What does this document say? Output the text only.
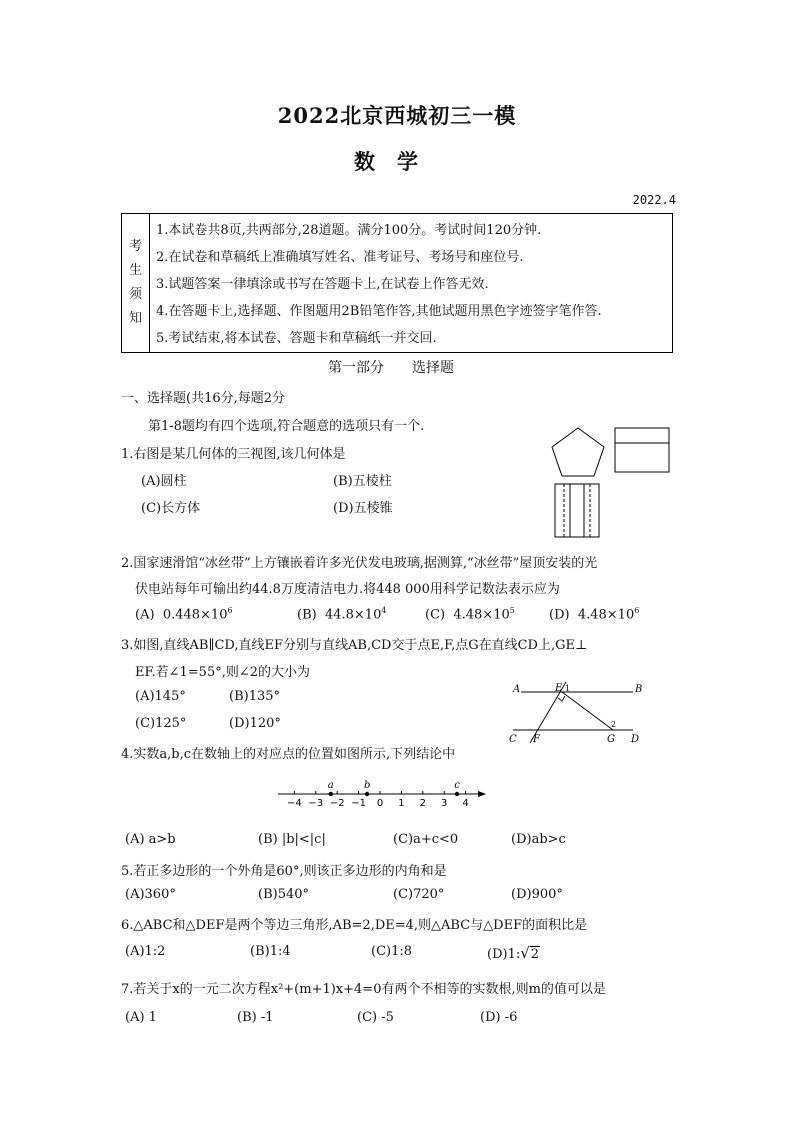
2022北京西城初三一模
数学
2022.4
考
生
须
知
1.本试卷共8页,共两部分,28道题。满分100分。考试时间120分钟.
2.在试卷和草稿纸上准确填写姓名、准考证号、考场号和座位号.
3.试题答案一律填涂或书写在答题卡上,在试卷上作答无效.
4.在答题卡上,选择题、作图题用2B铅笔作答,其他试题用黑色字迹签字笔作答.
5.考试结束,将本试卷、答题卡和草稿纸一并交回.
第一部分　　选择题
一、选择题(共16分,每题2分
第1-8题均有四个选项,符合题意的选项只有一个.
1.右图是某几何体的三视图,该几何体是
(A)圆柱	(B)五棱柱
(C)长方体	(D)五棱锥
2.国家速滑馆“冰丝带”上方镶嵌着许多光伏发电玻璃,据测算,“冰丝带”屋顶安装的光
伏电站每年可输出约44.8万度清洁电力.将448 000用科学记数法表示应为
(A) $0.448\times 10^6$	(B) $44.8\times 10^4$	(C) $4.48\times 10^5$	(D) $4.48\times 10^6$
3.如图,直线AB∥CD,直线EF分别与直线AB,CD交于点E,F,点G在直线CD上,GE⊥
EF.若∠1=55°,则∠2的大小为
(A)145°	(B)135°
(C)125°	(D)120°
A	E 1	B
2
C F	G D
4.实数a,b,c在数轴上的对应点的位置如图所示,下列结论中
−4 −3 −2 −1 0 1 2 3 4
a	b	c
(A) a>b	(B) |b|<|c|	(C)a+c<0	(D)ab>c
5.若正多边形的一个外角是60°,则该正多边形的内角和是
(A)360°	(B)540°	(C)720°	(D)900°
6.△ABC和△DEF是两个等边三角形,AB=2,DE=4,则△ABC与△DEF的面积比是
(A)1:2	(B)1:4	(C)1:8	(D)1:√2
7.若关于x的一元二次方程x²+(m+1)x+4=0有两个不相等的实数根,则m的值可以是
(A) 1	(B) -1	(C) -5	(D) -6
